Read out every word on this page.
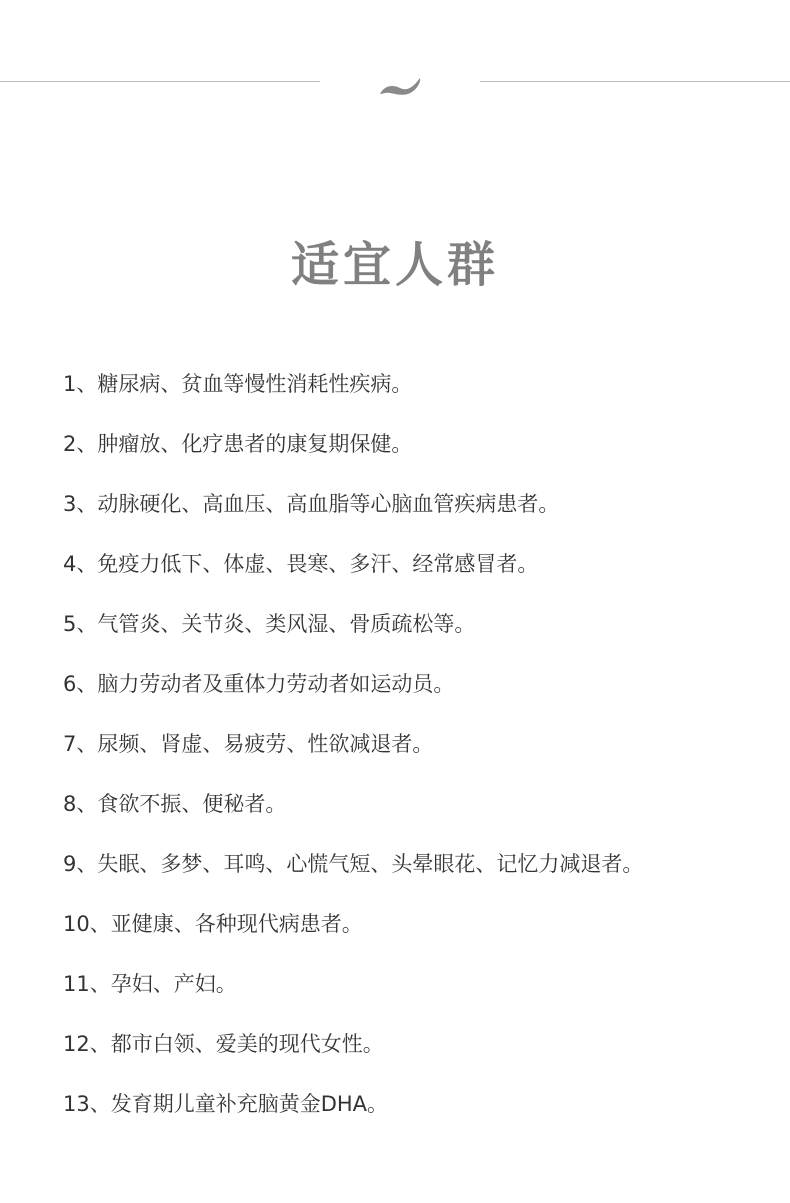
适宜人群
1、糖尿病、贫血等慢性消耗性疾病。
2、肿瘤放、化疗患者的康复期保健。
3、动脉硬化、高血压、高血脂等心脑血管疾病患者。
4、免疫力低下、体虚、畏寒、多汗、经常感冒者。
5、气管炎、关节炎、类风湿、骨质疏松等。
6、脑力劳动者及重体力劳动者如运动员。
7、尿频、肾虚、易疲劳、性欲减退者。
8、食欲不振、便秘者。
9、失眠、多梦、耳鸣、心慌气短、头晕眼花、记忆力减退者。
10、亚健康、各种现代病患者。
11、孕妇、产妇。
12、都市白领、爱美的现代女性。
13、发育期儿童补充脑黄金DHA。
